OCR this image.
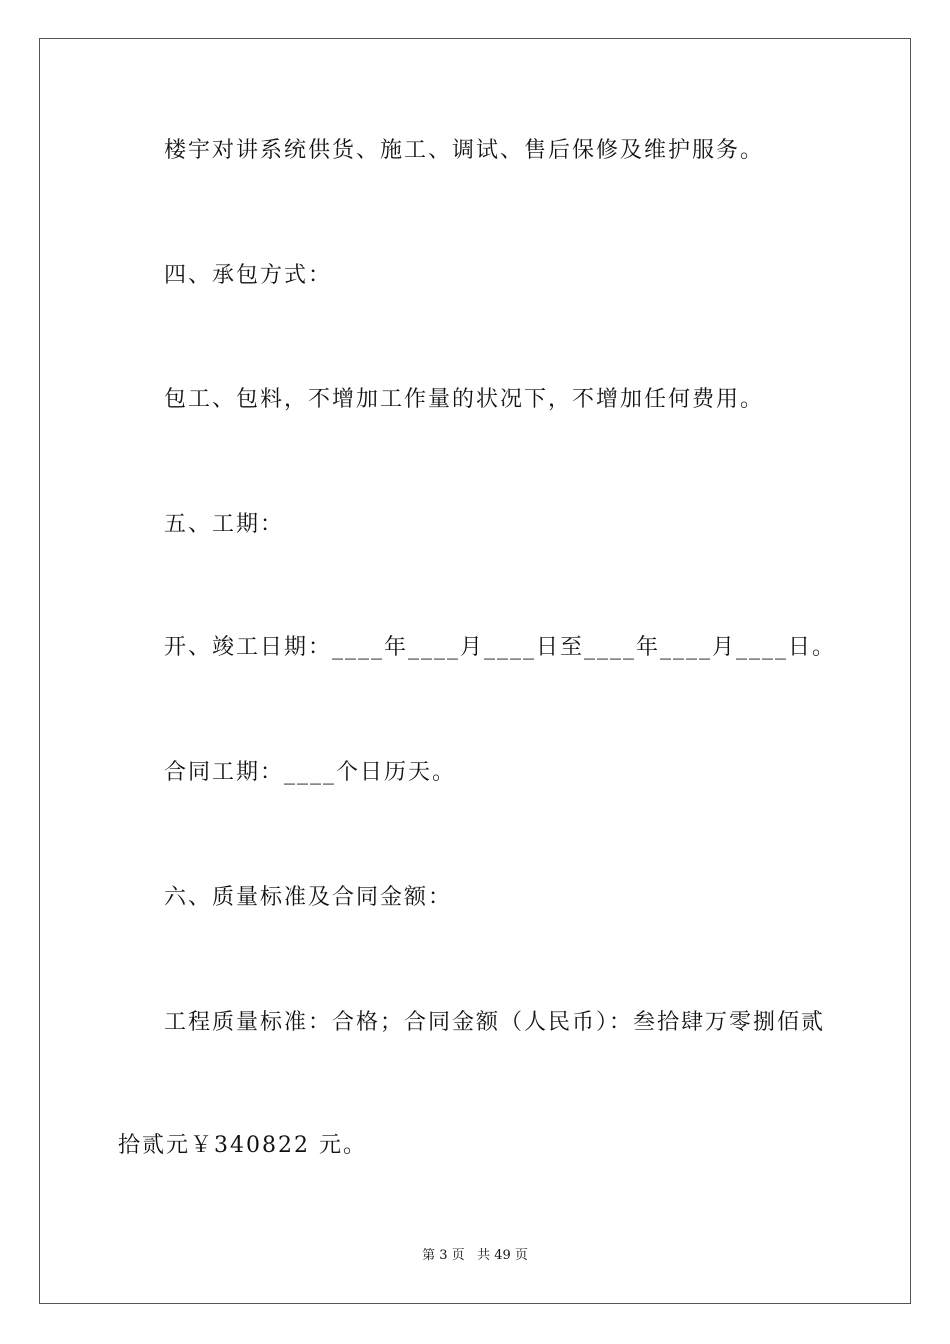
楼宇对讲系统供货、施工、调试、售后保修及维护服务。
四、承包方式：
包工、包料，不增加工作量的状况下，不增加任何费用。
五、工期：
开、竣工日期：____年____月____日至____年____月____日。
合同工期：____个日历天。
六、质量标准及合同金额：
工程质量标准：合格；合同金额（人民币）：叁拾肆万零捌佰贰
拾贰元￥340822 元。
第 3 页   共 49 页
